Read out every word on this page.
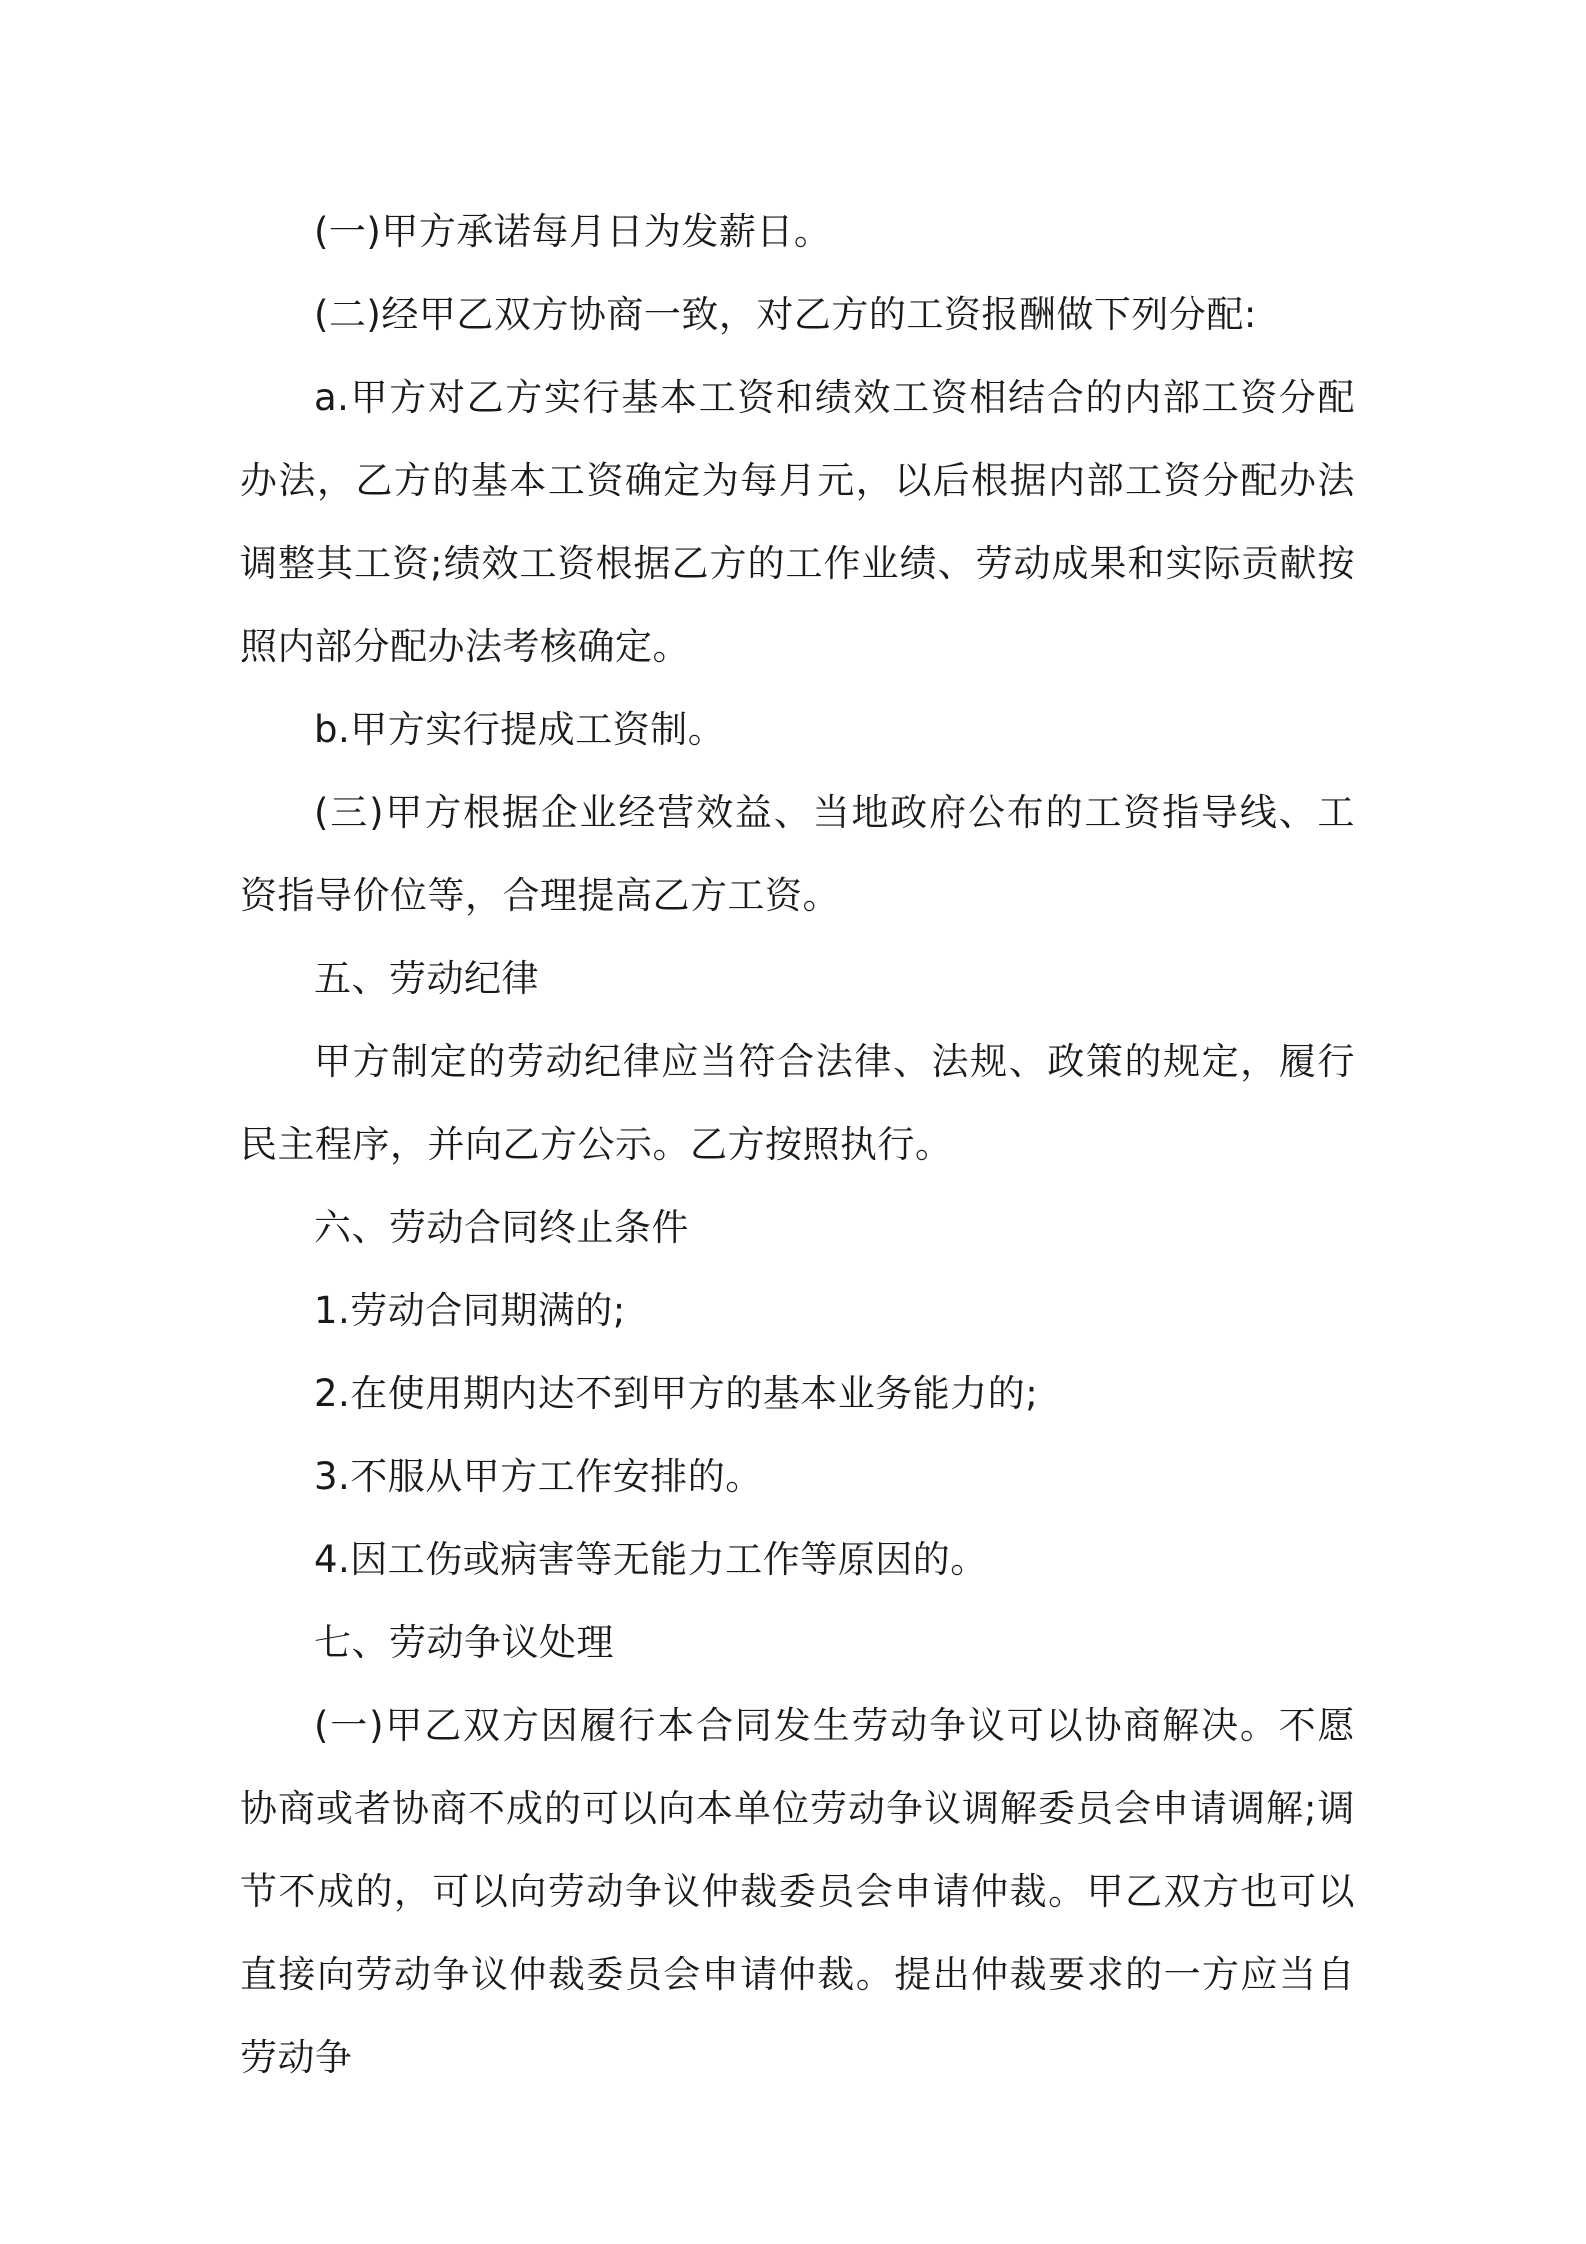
(一)甲方承诺每月日为发薪日。

(二)经甲乙双方协商一致，对乙方的工资报酬做下列分配:

a.甲方对乙方实行基本工资和绩效工资相结合的内部工资分配办法，乙方的基本工资确定为每月元，以后根据内部工资分配办法调整其工资;绩效工资根据乙方的工作业绩、劳动成果和实际贡献按照内部分配办法考核确定。

b.甲方实行提成工资制。

(三)甲方根据企业经营效益、当地政府公布的工资指导线、工资指导价位等，合理提高乙方工资。

五、劳动纪律

甲方制定的劳动纪律应当符合法律、法规、政策的规定，履行民主程序，并向乙方公示。乙方按照执行。

六、劳动合同终止条件

1.劳动合同期满的;

2.在使用期内达不到甲方的基本业务能力的;

3.不服从甲方工作安排的。

4.因工伤或病害等无能力工作等原因的。

七、劳动争议处理

(一)甲乙双方因履行本合同发生劳动争议可以协商解决。不愿协商或者协商不成的可以向本单位劳动争议调解委员会申请调解;调节不成的，可以向劳动争议仲裁委员会申请仲裁。甲乙双方也可以直接向劳动争议仲裁委员会申请仲裁。提出仲裁要求的一方应当自劳动争
